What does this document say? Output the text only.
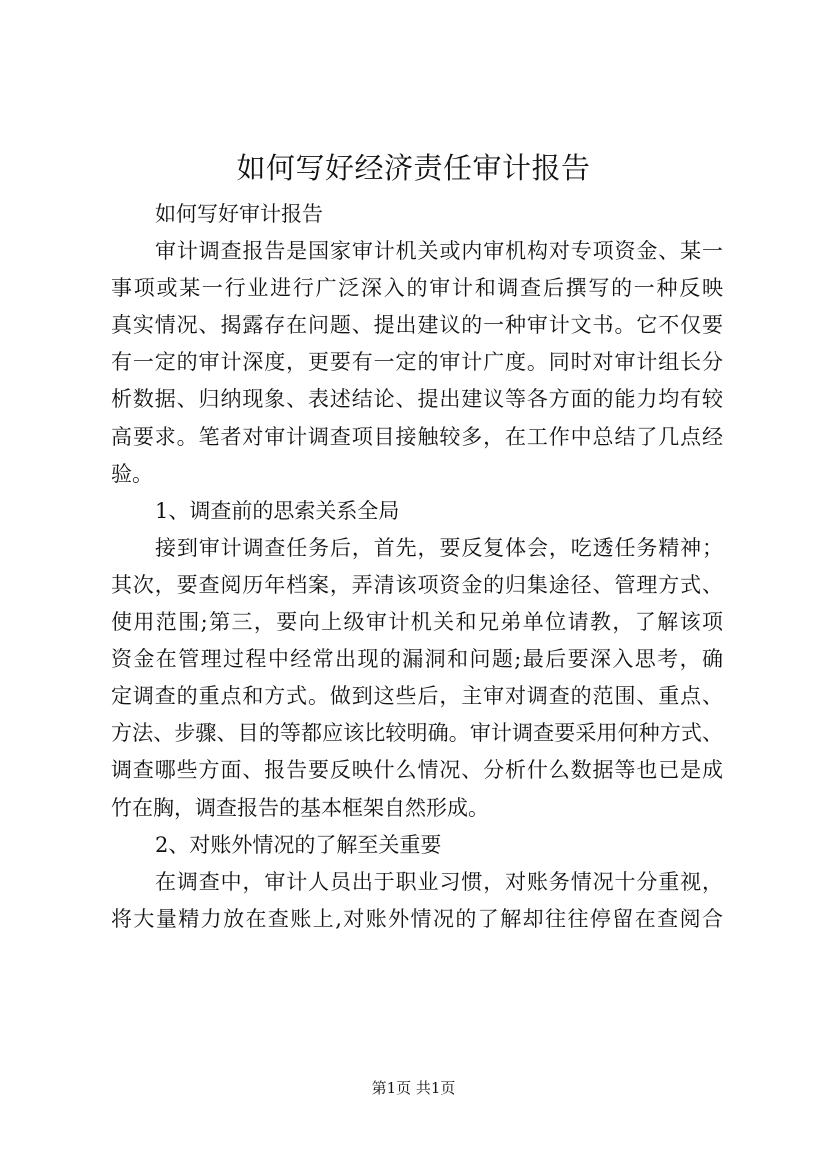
如何写好经济责任审计报告
如何写好审计报告
审计调查报告是国家审计机关或内审机构对专项资金、某一
事项或某一行业进行广泛深入的审计和调查后撰写的一种反映
真实情况、揭露存在问题、提出建议的一种审计文书。它不仅要
有一定的审计深度，更要有一定的审计广度。同时对审计组长分
析数据、归纳现象、表述结论、提出建议等各方面的能力均有较
高要求。笔者对审计调查项目接触较多，在工作中总结了几点经
验。
1、调查前的思索关系全局
接到审计调查任务后，首先，要反复体会，吃透任务精神；
其次，要查阅历年档案，弄清该项资金的归集途径、管理方式、
使用范围;第三，要向上级审计机关和兄弟单位请教，了解该项
资金在管理过程中经常出现的漏洞和问题;最后要深入思考，确
定调查的重点和方式。做到这些后，主审对调查的范围、重点、
方法、步骤、目的等都应该比较明确。审计调查要采用何种方式、
调查哪些方面、报告要反映什么情况、分析什么数据等也已是成
竹在胸，调查报告的基本框架自然形成。
2、对账外情况的了解至关重要
在调查中，审计人员出于职业习惯，对账务情况十分重视，
将大量精力放在查账上,对账外情况的了解却往往停留在查阅合
第1页 共1页
